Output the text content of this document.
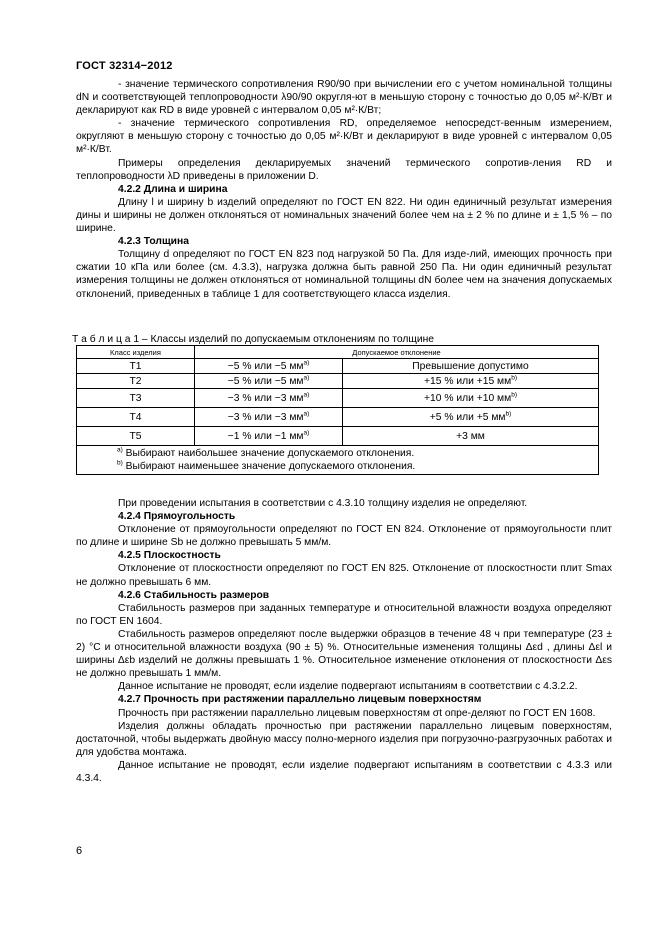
ГОСТ 32314−2012

- значение термического сопротивления R90/90 при вычислении его с учетом номинальной толщины dN и соответствующей теплопроводности λ90/90 округля-ют в меньшую сторону с точностью до 0,05 м²·К/Вт и декларируют как RD в виде уровней с интервалом 0,05 м²·К/Вт;

- значение термического сопротивления RD, определяемое непосредст-венным измерением, округляют в меньшую сторону с точностью до 0,05 м²·К/Вт и декларируют в виде уровней с интервалом 0,05 м²·К/Вт.

Примеры определения декларируемых значений термического сопротив-ления RD и теплопроводности λD приведены в приложении D.

4.2.2 Длина и ширина

Длину l и ширину b изделий определяют по ГОСТ EN 822. Ни один единичный результат измерения дины и ширины не должен отклоняться от номинальных значений более чем на ± 2 % по длине и ± 1,5 % – по ширине.

4.2.3 Толщина

Толщину d определяют по ГОСТ EN 823 под нагрузкой 50 Па. Для изде-лий, имеющих прочность при сжатии 10 кПа или более (см. 4.3.3), нагрузка должна быть равной 250 Па. Ни один единичный результат измерения толщины не должен отклоняться от номинальной толщины dN более чем на значения допускаемых отклонений, приведенных в таблице 1 для соответствующего класса изделия.

Т а б л и ц а 1 – Классы изделий по допускаемым отклонениям по толщине
Класс изделия	Допускаемое отклонение	
T1	−5 % или −5 $мм^{a)}$	Превышение допустимо
T2	−5 % или −5 $мм^{a)}$	+15 % или +15 $мм^{b)}$
T3	−3 % или −3 $мм^{a)}$	+10 % или +10 $мм^{b)}$
T4	−3 % или −3 $мм^{a)}$	+5 % или +5 $мм^{b)}$
T5	−1 % или −1 $мм^{a)}$	+3 мм

$^{a)}$ Выбирают наибольшее значение допускаемого отклонения.
$^{b)}$ Выбирают наименьшее значение допускаемого отклонения.		

При проведении испытания в соответствии с 4.3.10 толщину изделия не определяют.

4.2.4 Прямоугольность

Отклонение от прямоугольности определяют по ГОСТ EN 824. Отклонение от прямоугольности плит по длине и ширине Sb не должно превышать 5 мм/м.

4.2.5 Плоскостность

Отклонение от плоскостности определяют по ГОСТ EN 825. Отклонение от плоскостности плит Smax не должно превышать 6 мм.

4.2.6 Стабильность размеров

Стабильность размеров при заданных температуре и относительной влажности воздуха определяют по ГОСТ EN 1604.

Стабильность размеров определяют после выдержки образцов в течение 48 ч при температуре (23 ± 2) °С и относительной влажности воздуха (90 ± 5) %. Относительные изменения толщины Δεd , длины Δεl и ширины Δεb изделий не должны превышать 1 %. Относительное изменение отклонения от плоскостности Δεs не должно превышать 1 мм/м.

Данное испытание не проводят, если изделие подвергают испытаниям в соответствии с 4.3.2.2.

4.2.7 Прочность при растяжении параллельно лицевым поверхностям

Прочность при растяжении параллельно лицевым поверхностям σt опре-деляют по ГОСТ EN 1608.

Изделия должны обладать прочностью при растяжении параллельно лицевым поверхностям, достаточной, чтобы выдержать двойную массу полно-мерного изделия при погрузочно-разгрузочных работах и для удобства монтажа.

Данное испытание не проводят, если изделие подвергают испытаниям в соответствии с 4.3.3 или 4.3.4.

6
